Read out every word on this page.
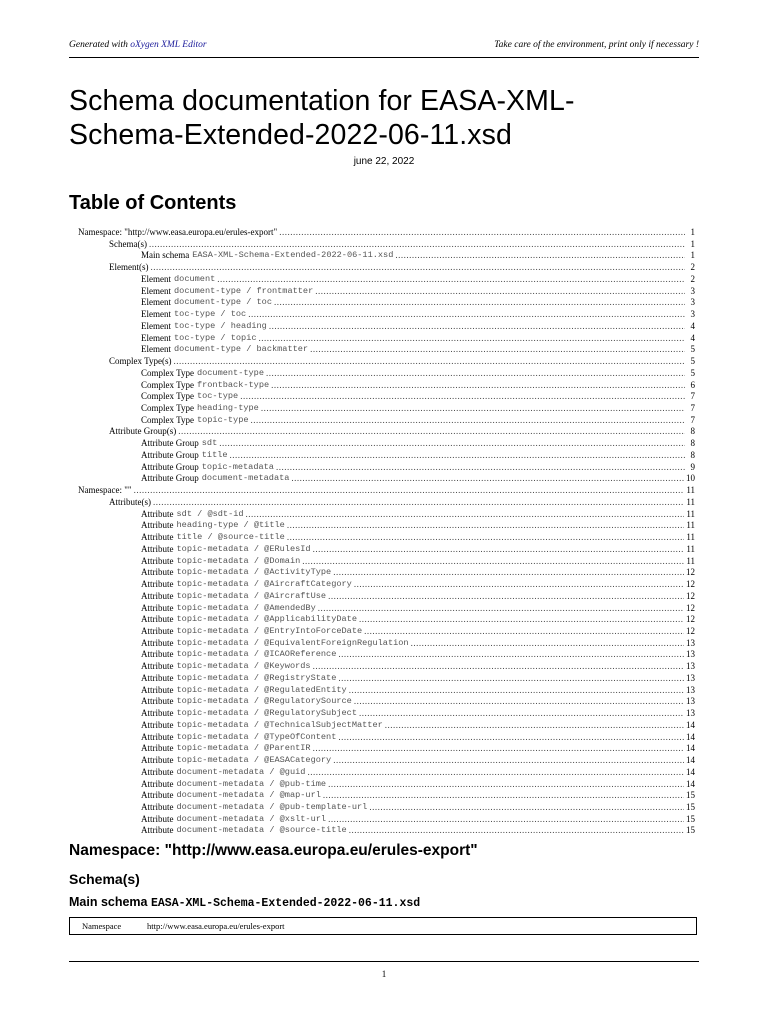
Generated with oXygen XML Editor	Take care of the environment, print only if necessary !
Schema documentation for EASA-XML-Schema-Extended-2022-06-11.xsd
june 22, 2022
Table of Contents
Namespace: "http://www.easa.europa.eu/erules-export" .....	1
Schema(s) .....	1
Main schema EASA-XML-Schema-Extended-2022-06-11.xsd .....	1
Element(s) .....	2
Element document .....	2
Element document-type / frontmatter .....	3
Element document-type / toc .....	3
Element toc-type / toc .....	3
Element toc-type / heading .....	4
Element toc-type / topic .....	4
Element document-type / backmatter .....	5
Complex Type(s) .....	5
Complex Type document-type .....	5
Complex Type frontback-type .....	6
Complex Type toc-type .....	7
Complex Type heading-type .....	7
Complex Type topic-type .....	7
Attribute Group(s) .....	8
Attribute Group sdt .....	8
Attribute Group title .....	8
Attribute Group topic-metadata .....	9
Attribute Group document-metadata .....	10
Namespace: "" .....	11
Attribute(s) .....	11
Attribute sdt / @sdt-id .....	11
Attribute heading-type / @title .....	11
Attribute title / @source-title .....	11
Attribute topic-metadata / @ERulesId .....	11
Attribute topic-metadata / @Domain .....	11
Attribute topic-metadata / @ActivityType .....	12
Attribute topic-metadata / @AircraftCategory .....	12
Attribute topic-metadata / @AircraftUse .....	12
Attribute topic-metadata / @AmendedBy .....	12
Attribute topic-metadata / @ApplicabilityDate .....	12
Attribute topic-metadata / @EntryIntoForceDate .....	12
Attribute topic-metadata / @EquivalentForeignRegulation .....	13
Attribute topic-metadata / @ICAOReference .....	13
Attribute topic-metadata / @Keywords .....	13
Attribute topic-metadata / @RegistryState .....	13
Attribute topic-metadata / @RegulatedEntity .....	13
Attribute topic-metadata / @RegulatorySource .....	13
Attribute topic-metadata / @RegulatorySubject .....	13
Attribute topic-metadata / @TechnicalSubjectMatter .....	14
Attribute topic-metadata / @TypeOfContent .....	14
Attribute topic-metadata / @ParentIR .....	14
Attribute topic-metadata / @EASACategory .....	14
Attribute document-metadata / @guid .....	14
Attribute document-metadata / @pub-time .....	14
Attribute document-metadata / @map-url .....	15
Attribute document-metadata / @pub-template-url .....	15
Attribute document-metadata / @xslt-url .....	15
Attribute document-metadata / @source-title .....	15
Namespace: "http://www.easa.europa.eu/erules-export"
Schema(s)
Main schema EASA-XML-Schema-Extended-2022-06-11.xsd
Namespace	http://www.easa.europa.eu/erules-export
1
